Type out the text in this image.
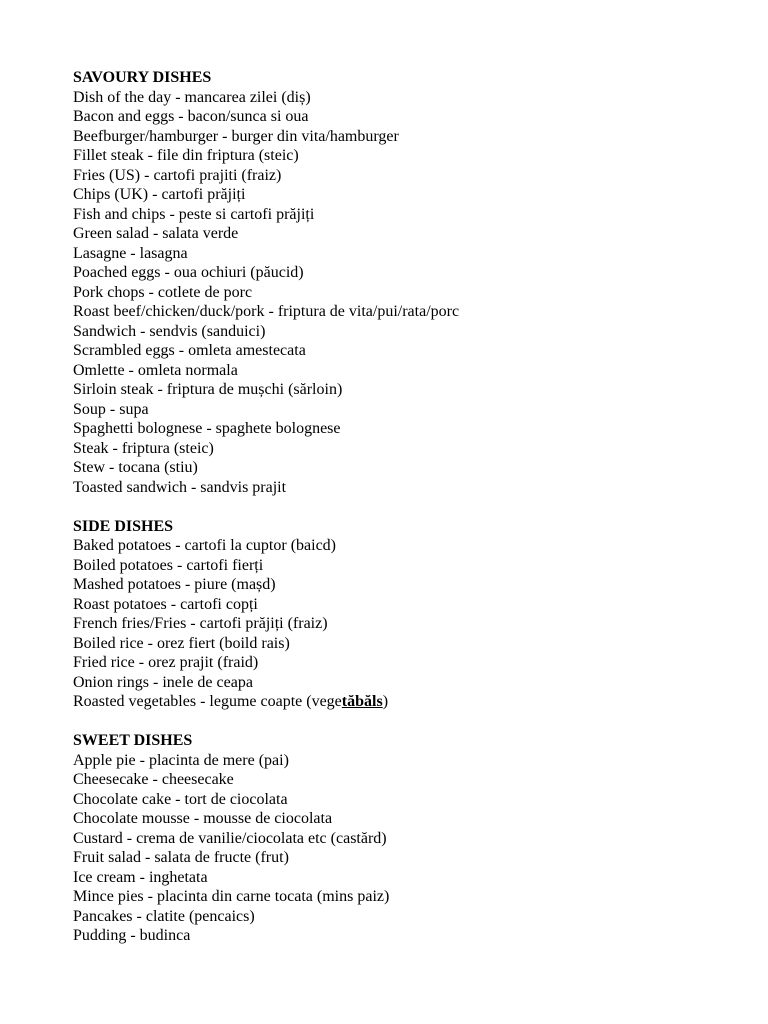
SAVOURY DISHES
Dish of the day - mancarea zilei (diș)
Bacon and eggs - bacon/sunca si oua
Beefburger/hamburger - burger din vita/hamburger
Fillet steak - file din friptura (steic)
Fries (US) - cartofi prajiti (fraiz)
Chips (UK) - cartofi prăjiți
Fish and chips - peste si cartofi prăjiți
Green salad - salata verde
Lasagne - lasagna
Poached eggs - oua ochiuri (păucid)
Pork chops - cotlete de porc
Roast beef/chicken/duck/pork - friptura de vita/pui/rata/porc
Sandwich - sendvis (sanduici)
Scrambled eggs - omleta amestecata
Omlette - omleta normala
Sirloin steak - friptura de mușchi (sărloin)
Soup - supa
Spaghetti bolognese - spaghete bolognese
Steak - friptura (steic)
Stew - tocana (stiu)
Toasted sandwich - sandvis prajit
SIDE DISHES
Baked potatoes - cartofi la cuptor (baicd)
Boiled potatoes - cartofi fierți
Mashed potatoes - piure (mașd)
Roast potatoes - cartofi copți
French fries/Fries - cartofi prăjiți (fraiz)
Boiled rice - orez fiert (boild rais)
Fried rice - orez prajit (fraid)
Onion rings - inele de ceapa
Roasted vegetables - legume coapte (vegetăbăls)
SWEET DISHES
Apple pie - placinta de mere (pai)
Cheesecake - cheesecake
Chocolate cake - tort de ciocolata
Chocolate mousse - mousse de ciocolata
Custard - crema de vanilie/ciocolata etc (castărd)
Fruit salad - salata de fructe (frut)
Ice cream - inghetata
Mince pies - placinta din carne tocata (mins paiz)
Pancakes - clatite (pencaics)
Pudding - budinca
